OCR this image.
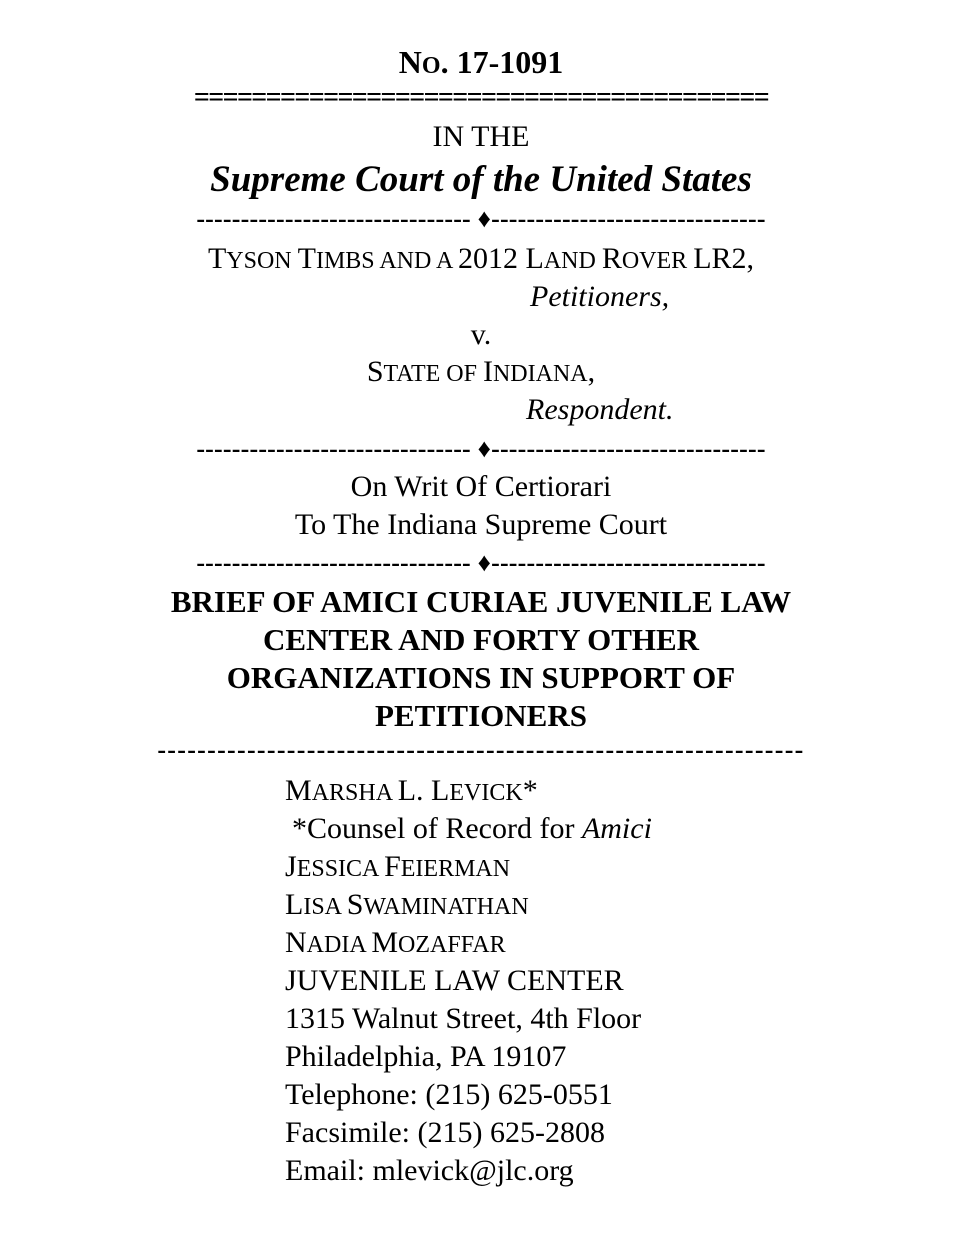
NO. 17-1091
========================================
IN THE
Supreme Court of the United States
------------------------------- ♦-------------------------------
TYSON TIMBS AND A 2012 LAND ROVER LR2,
Petitioners,
v.
STATE OF INDIANA,
Respondent.
------------------------------- ♦-------------------------------
On Writ Of Certiorari
To The Indiana Supreme Court
------------------------------- ♦-------------------------------
BRIEF OF AMICI CURIAE JUVENILE LAW
CENTER AND FORTY OTHER
ORGANIZATIONS IN SUPPORT OF
PETITIONERS
-----------------------------------------------------------------
MARSHA L. LEVICK*
*Counsel of Record for Amici
JESSICA FEIERMAN
LISA SWAMINATHAN
NADIA MOZAFFAR
JUVENILE LAW CENTER
1315 Walnut Street, 4th Floor
Philadelphia, PA 19107
Telephone: (215) 625-0551
Facsimile: (215) 625-2808
Email: mlevick@jlc.org
